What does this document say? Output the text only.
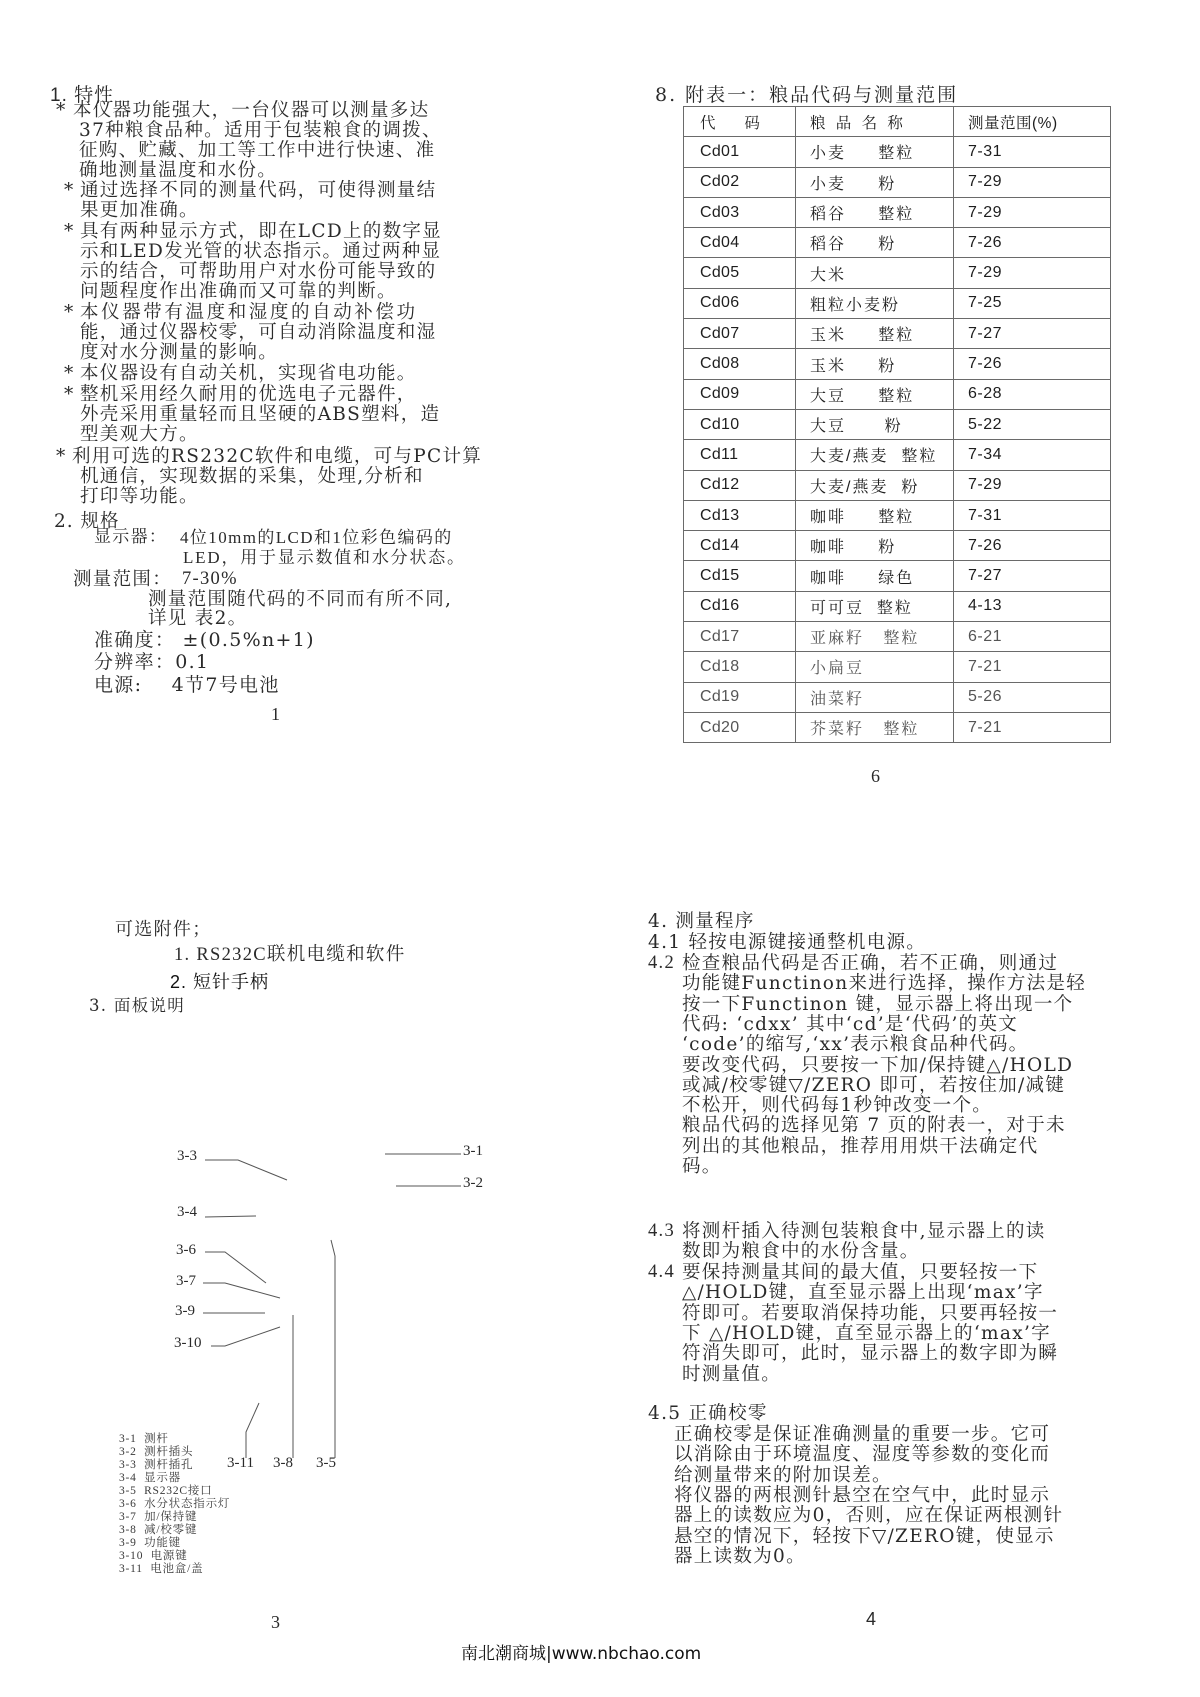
1. 特性
* 本仪器功能强大，一台仪器可以测量多达
37种粮食品种。适用于包装粮食的调拨、
征购、贮藏、加工等工作中进行快速、准
确地测量温度和水份。
* 通过选择不同的测量代码，可使得测量结
果更加准确。
* 具有两种显示方式，即在LCD上的数字显
示和LED发光管的状态指示。通过两种显
示的结合，可帮助用户对水份可能导致的
问题程度作出准确而又可靠的判断。
* 本仪器带有温度和湿度的自动补偿功
能，通过仪器校零，可自动消除温度和湿
度对水分测量的影响。
* 本仪器设有自动关机，实现省电功能。
* 整机采用经久耐用的优选电子元器件，
外壳采用重量轻而且坚硬的ABS塑料，造
型美观大方。
* 利用可选的RS232C软件和电缆，可与PC计算
机通信，实现数据的采集，处理,分析和
打印等功能。
2. 规格
显示器： 4位10mm的LCD和1位彩色编码的
LED，用于显示数值和水分状态。
测量范围： 7-30%
测量范围随代码的不同而有所不同,
详见 表2。
准确度： ±(0.5%n+1)
分辨率：0.1
电源:    4节7号电池
1
8. 附表一：粮品代码与测量范围
代   码	粮 品 名 称	测量范围(%)
Cd01	小麦     整粒	7-31
Cd02	小麦     粉	7-29
Cd03	稻谷     整粒	7-29
Cd04	稻谷     粉	7-26
Cd05	大米	7-29
Cd06	粗粒小麦粉	7-25
Cd07	玉米     整粒	7-27
Cd08	玉米     粉	7-26
Cd09	大豆     整粒	6-28
Cd10	大豆      粉	5-22
Cd11	大麦/燕麦  整粒	7-34
Cd12	大麦/燕麦  粉	7-29
Cd13	咖啡     整粒	7-31
Cd14	咖啡     粉	7-26
Cd15	咖啡     绿色	7-27
Cd16	可可豆  整粒	4-13
Cd17	亚麻籽   整粒	6-21
Cd18	小扁豆	7-21
Cd19	油菜籽	5-26
Cd20	芥菜籽   整粒	7-21
6
可选附件；
1. RS232C联机电缆和软件
2. 短针手柄
3. 面板说明
3-3	3-1
3-2
3-4
3-6
3-7
3-9
3-10
3-11 3-8 3-5
3-1  测杆
3-2  测杆插头
3-3  测杆插孔
3-4  显示器
3-5  RS232C接口
3-6  水分状态指示灯
3-7  加/保持键
3-8  减/校零键
3-9  功能键
3-10  电源键
3-11  电池盒/盖
3
4. 测量程序
4.1 轻按电源键接通整机电源。
4.2 检查粮品代码是否正确，若不正确，则通过
功能键Functinon来进行选择，操作方法是轻
按一下Functinon 键，显示器上将出现一个
代码: ‘cdxx’ 其中‘cd’是‘代码’的英文
‘code’的缩写,‘xx’表示粮食品种代码。
要改变代码，只要按一下加/保持键△/HOLD
或减/校零键▽/ZERO 即可，若按住加/减键
不松开，则代码每1秒钟改变一个。
粮品代码的选择见第 7 页的附表一，对于未
列出的其他粮品，推荐用用烘干法确定代
码。
4.3 将测杆插入待测包装粮食中,显示器上的读
数即为粮食中的水份含量。
4.4 要保持测量其间的最大值，只要轻按一下
△/HOLD键，直至显示器上出现‘max’字
符即可。若要取消保持功能，只要再轻按一
下 △/HOLD键，直至显示器上的‘max’字
符消失即可，此时，显示器上的数字即为瞬
时测量值。
4.5 正确校零
正确校零是保证准确测量的重要一步。它可
以消除由于环境温度、湿度等参数的变化而
给测量带来的附加误差。
将仪器的两根测针悬空在空气中，此时显示
器上的读数应为0，否则，应在保证两根测针
悬空的情况下，轻按下▽/ZERO键，使显示
器上读数为0。
4
南北潮商城|www.nbchao.com
